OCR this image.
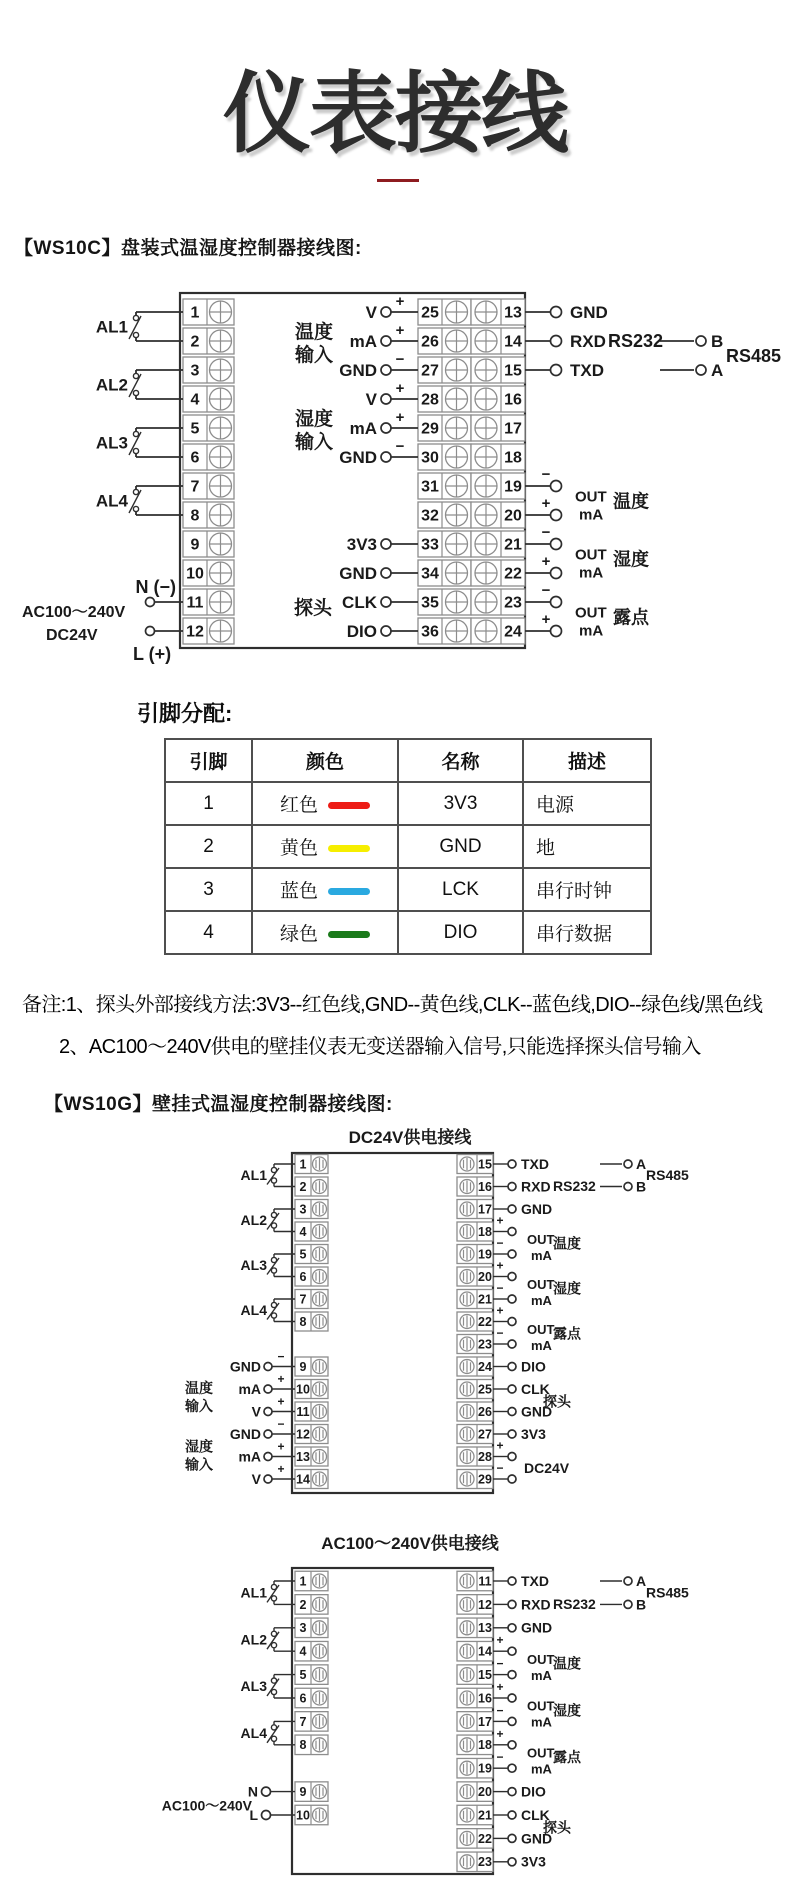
仪表接线
1
2
3
4
5
6
7
8
9
10
11
12
25
26
27
28
29
30
31
32
33
34
35
36
13
14
15
16
17
18
19
20
21
22
23
24
AL1
AL2
AL3
AL4
V
+
mA
+
GND
−
V
+
mA
+
GND
−
3V3
GND
CLK
DIO
温度
输入
湿度
输入
探头
GND
RXD
TXD
−
+
−
+
−
+
OUT
mA
温度
OUT
mA
湿度
OUT
mA
露点
RS232
A
B
RS485
N (−)
AC100～240V
DC24V
L (+)
DC24V供电接线
1
2
3
4
5
6
7
8
9
10
11
12
13
14
15
16
17
18
19
20
21
22
23
24
25
26
27
28
29
AL1
AL2
AL3
AL4
GND
−
mA
+
V
+
GND
−
mA
+
V
+
温度
输入
湿度
输入
探头
TXD
RXD
GND
DIO
CLK
GND
3V3
+
−
+
−
+
−
+
−
OUT
mA
温度
OUT
mA
湿度
OUT
mA
露点
RS232
A
B
RS485
DC24V
AC100～240V供电接线
1
2
3
4
5
6
7
8
9
10
11
12
13
14
15
16
17
18
19
20
21
22
23
AL1
AL2
AL3
AL4
探头
TXD
RXD
GND
DIO
CLK
GND
3V3
+
−
+
−
+
−
OUT
mA
温度
OUT
mA
湿度
OUT
mA
露点
RS232
A
B
RS485
N
AC100～240V
L
【WS10C】盘装式温湿度控制器接线图:
引脚分配:
引脚	颜色	名称	描述
1	红色	3V3	电源
2	黄色	GND	地
3	蓝色	LCK	串行时钟
4	绿色	DIO	串行数据
备注:1、探头外部接线方法:3V3--红色线,GND--黄色线,CLK--蓝色线,DIO--绿色线/黑色线
2、AC100～240V供电的壁挂仪表无变送器输入信号,只能选择探头信号输入
【WS10G】壁挂式温湿度控制器接线图:
